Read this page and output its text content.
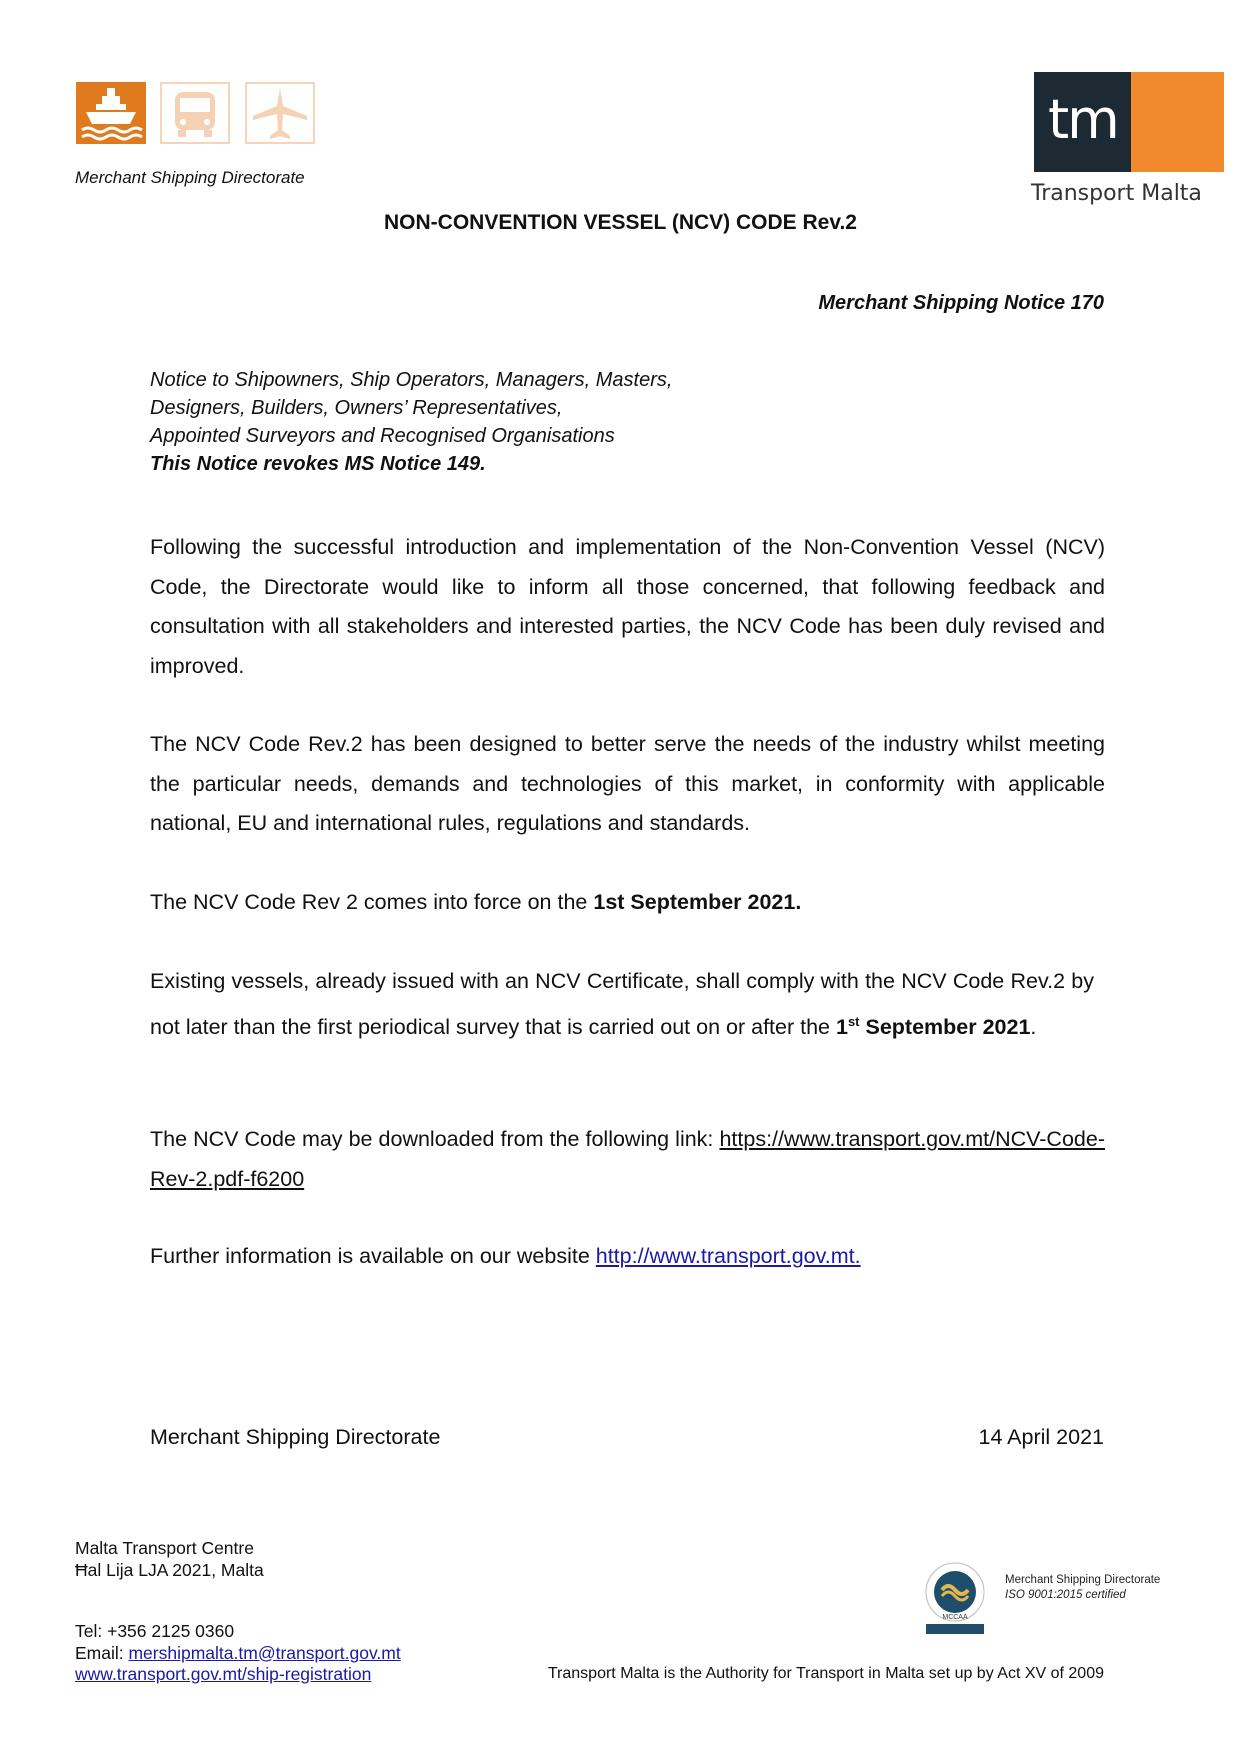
Merchant Shipping Directorate
tm
Transport Malta
NON-CONVENTION VESSEL (NCV) CODE Rev.2
Merchant Shipping Notice 170
Notice to Shipowners, Ship Operators, Managers, Masters,
Designers, Builders, Owners’ Representatives,
Appointed Surveyors and Recognised Organisations
This Notice revokes MS Notice 149.
Following the successful introduction and implementation of the Non-Convention Vessel (NCV) Code, the Directorate would like to inform all those concerned, that following feedback and consultation with all stakeholders and interested parties, the NCV Code has been duly revised and improved.
The NCV Code Rev.2 has been designed to better serve the needs of the industry whilst meeting the particular needs, demands and technologies of this market, in conformity with applicable national, EU and international rules, regulations and standards.
The NCV Code Rev 2 comes into force on the 1st September 2021.
Existing vessels, already issued with an NCV Certificate, shall comply with the NCV Code Rev.2 by not later than the first periodical survey that is carried out on or after the 1st September 2021.
The NCV Code may be downloaded from the following link: https://www.transport.gov.mt/NCV-Code-Rev-2.pdf-f6200
Further information is available on our website http://www.transport.gov.mt.
Merchant Shipping Directorate	14 April 2021
Malta Transport Centre
Ħal Lija LJA 2021, Malta
Tel: +356 2125 0360
Email: mershipmalta.tm@transport.gov.mt
www.transport.gov.mt/ship-registration
MCCAA
Merchant Shipping Directorate
ISO 9001:2015 certified
Transport Malta is the Authority for Transport in Malta set up by Act XV of 2009
